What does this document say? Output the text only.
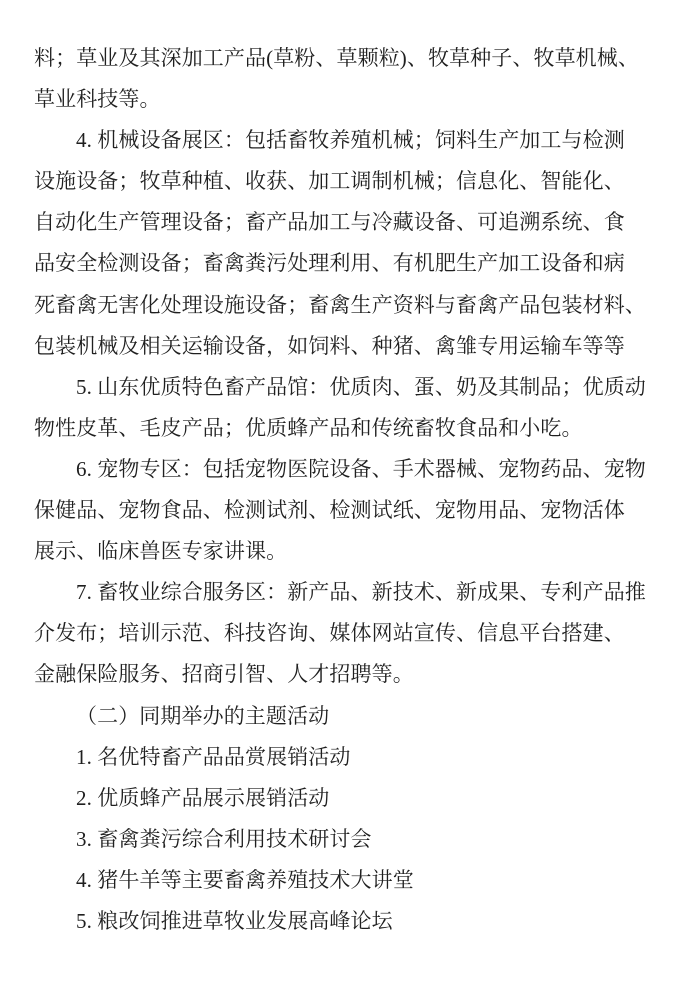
料；草业及其深加工产品(草粉、草颗粒)、牧草种子、牧草机械、
草业科技等。
4. 机械设备展区：包括畜牧养殖机械；饲料生产加工与检测
设施设备；牧草种植、收获、加工调制机械；信息化、智能化、
自动化生产管理设备；畜产品加工与冷藏设备、可追溯系统、食
品安全检测设备；畜禽粪污处理利用、有机肥生产加工设备和病
死畜禽无害化处理设施设备；畜禽生产资料与畜禽产品包装材料、
包装机械及相关运输设备，如饲料、种猪、禽雏专用运输车等等
5. 山东优质特色畜产品馆：优质肉、蛋、奶及其制品；优质动
物性皮革、毛皮产品；优质蜂产品和传统畜牧食品和小吃。
6. 宠物专区：包括宠物医院设备、手术器械、宠物药品、宠物
保健品、宠物食品、检测试剂、检测试纸、宠物用品、宠物活体
展示、临床兽医专家讲课。
7. 畜牧业综合服务区：新产品、新技术、新成果、专利产品推
介发布；培训示范、科技咨询、媒体网站宣传、信息平台搭建、
金融保险服务、招商引智、人才招聘等。
（二）同期举办的主题活动
1. 名优特畜产品品赏展销活动
2. 优质蜂产品展示展销活动
3. 畜禽粪污综合利用技术研讨会
4. 猪牛羊等主要畜禽养殖技术大讲堂
5. 粮改饲推进草牧业发展高峰论坛
